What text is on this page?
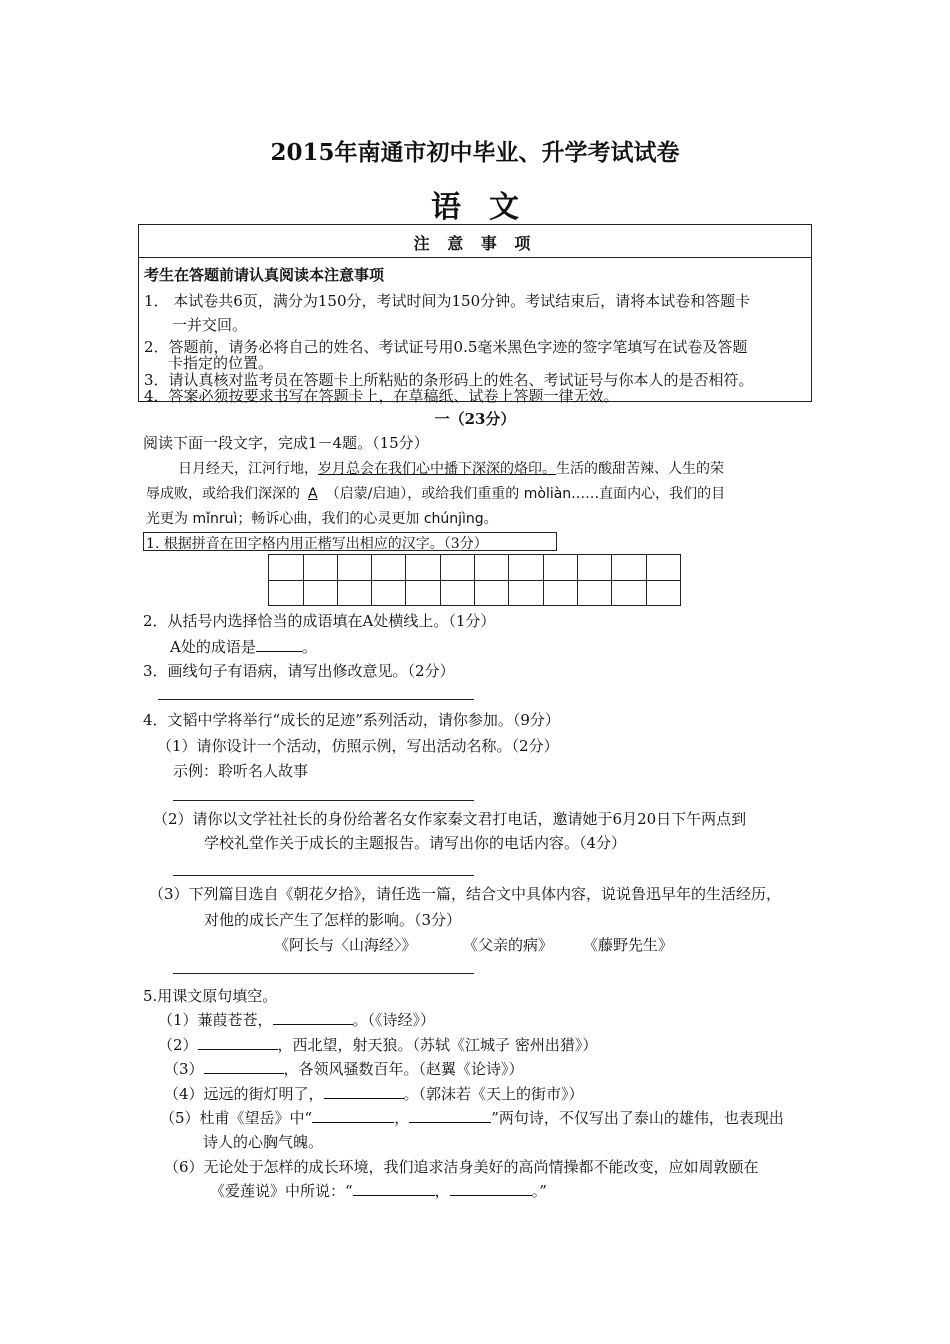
2015年南通市初中毕业、升学考试试卷
语文
注 意 事 项
考生在答题前请认真阅读本注意事项
1． 本试卷共6页，满分为150分，考试时间为150分钟。考试结束后，请将本试卷和答题卡
一并交回。
2．答题前，请务必将自己的姓名、考试证号用0.5毫米黑色字迹的签字笔填写在试卷及答题
卡指定的位置。
3．请认真核对监考员在答题卡上所粘贴的条形码上的姓名、考试证号与你本人的是否相符。
4．答案必须按要求书写在答题卡上，在草稿纸、试卷上答题一律无效。
一（23分）
阅读下面一段文字，完成1－4题。（15分）
日月经天，江河行地，岁月总会在我们心中播下深深的烙印。生活的酸甜苦辣、人生的荣
辱成败，或给我们深深的 A （启蒙/启迪），或给我们重重的 mòliàn……直面内心，我们的目
光更为 mǐnruì；畅诉心曲，我们的心灵更加 chúnjìng。
1. 根据拼音在田字格内用正楷写出相应的汉字。（3分）
2．从括号内选择恰当的成语填在A处横线上。（1分）
A处的成语是	。
3．画线句子有语病，请写出修改意见。（2分）
4．文韬中学将举行“成长的足迹”系列活动，请你参加。（9分）
（1）请你设计一个活动，仿照示例，写出活动名称。（2分）
示例：聆听名人故事
（2）请你以文学社社长的身份给著名女作家秦文君打电话，邀请她于6月20日下午两点到
学校礼堂作关于成长的主题报告。请写出你的电话内容。（4分）
（3）下列篇目选自《朝花夕拾》，请任选一篇，结合文中具体内容，说说鲁迅早年的生活经历，
对他的成长产生了怎样的影响。（3分）
《阿长与〈山海经〉》	《父亲的病》 《藤野先生》
5.用课文原句填空。
（1）蒹葭苍苍，	。（《诗经》）
（2）	，西北望，射天狼。（苏轼《江城子 密州出猎》）
（3）	，各领风骚数百年。（赵翼《论诗》）
（4）远远的街灯明了，	。（郭沫若《天上的街市》）
（5）杜甫《望岳》中“	，	”两句诗，不仅写出了泰山的雄伟，也表现出
诗人的心胸气魄。
（6）无论处于怎样的成长环境，我们追求洁身美好的高尚情操都不能改变，应如周敦颐在
《爱莲说》中所说：“	，	。”
